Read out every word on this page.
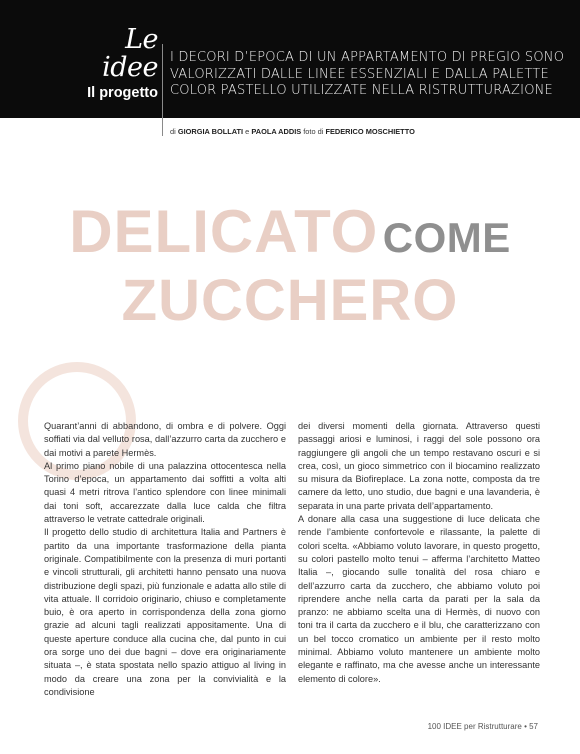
Le idee
Il progetto
I DECORI D’EPOCA DI UN APPARTAMENTO DI PREGIO SONO VALORIZZATI DALLE LINEE ESSENZIALI E DALLA PALETTE COLOR PASTELLO UTILIZZATE NELLA RISTRUTTURAZIONE
di GIORGIA BOLLATI e PAOLA ADDIS foto di FEDERICO MOSCHIETTO
DELICATO COME
ZUCCHERO

Quarant’anni di abbandono, di ombra e di polvere. Oggi soffiati via dal velluto rosa, dall’azzurro carta da zucchero e dai motivi a parete Hermès.

Al primo piano nobile di una palazzina ottocentesca nella Torino d’epoca, un appartamento dai soffitti a volta alti quasi 4 metri ritrova l’antico splendore con linee minimali dai toni soft, accarezzate dalla luce calda che filtra attraverso le vetrate cattedrale originali.

Il progetto dello studio di architettura Italia and Partners è partito da una importante trasformazione della pianta originale. Compatibilmente con la presenza di muri portanti e vincoli strutturali, gli architetti hanno pensato una nuova distribuzione degli spazi, più funzionale e adatta allo stile di vita attuale. Il corridoio originario, chiuso e completamente buio, è ora aperto in corrispondenza della zona giorno grazie ad alcuni tagli realizzati appositamente. Una di queste aperture conduce alla cucina che, dal punto in cui ora sorge uno dei due bagni – dove era originariamente situata –, è stata spostata nello spazio attiguo al living in modo da creare una zona per la convivialità e la condivisione

dei diversi momenti della giornata. Attraverso questi passaggi ariosi e luminosi, i raggi del sole possono ora raggiungere gli angoli che un tempo restavano oscuri e si crea, così, un gioco simmetrico con il biocamino realizzato su misura da Biofireplace. La zona notte, composta da tre camere da letto, uno studio, due bagni e una lavanderia, è separata in una parte privata dell’appartamento.

A donare alla casa una suggestione di luce delicata che rende l’ambiente confortevole e rilassante, la palette di colori scelta. «Abbiamo voluto lavorare, in questo progetto, su colori pastello molto tenui – afferma l’architetto Matteo Italia –, giocando sulle tonalità del rosa chiaro e dell’azzurro carta da zucchero, che abbiamo voluto poi riprendere anche nella carta da parati per la sala da pranzo: ne abbiamo scelta una di Hermès, di nuovo con toni tra il carta da zucchero e il blu, che caratterizzano con un bel tocco cromatico un ambiente per il resto molto minimal. Abbiamo voluto mantenere un ambiente molto elegante e raffinato, ma che avesse anche un interessante elemento di colore».

100 IDEE per Ristrutturare • 57
